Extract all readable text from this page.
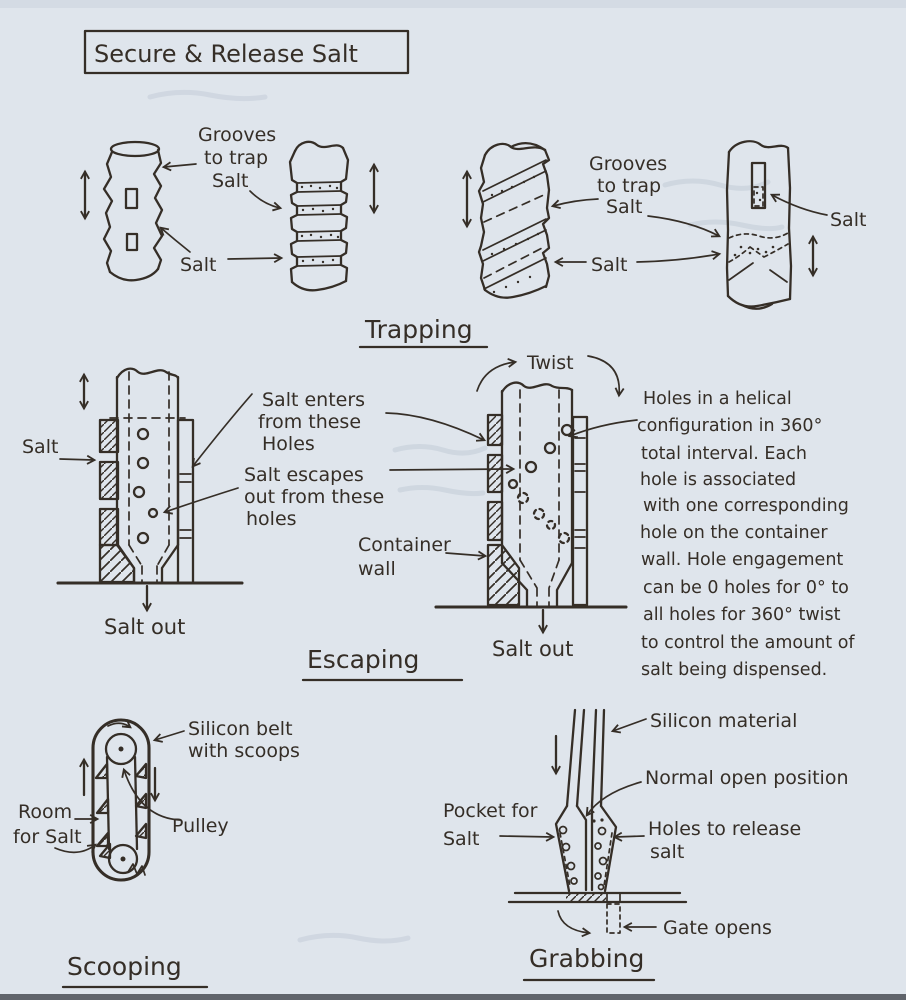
Secure & Release Salt
Grooves
to trap
Salt
Salt
Grooves
to trap
Salt
Salt
Salt
Trapping
Salt out
Salt
Salt enters
from these
Holes
Salt escapes
out from these
holes
Container
wall
Twist
Salt out
Holes in a helical
configuration in 360°
total interval. Each
hole is associated
with one corresponding
hole on the container
wall. Hole engagement
can be 0 holes for 0° to
all holes for 360° twist
to control the amount of
salt being dispensed.
Escaping
Silicon belt
with scoops
Room
for Salt	Pulley
Scooping
Silicon material
Normal open position
Pocket for
Salt	Holes to release
salt
Gate opens
Grabbing
